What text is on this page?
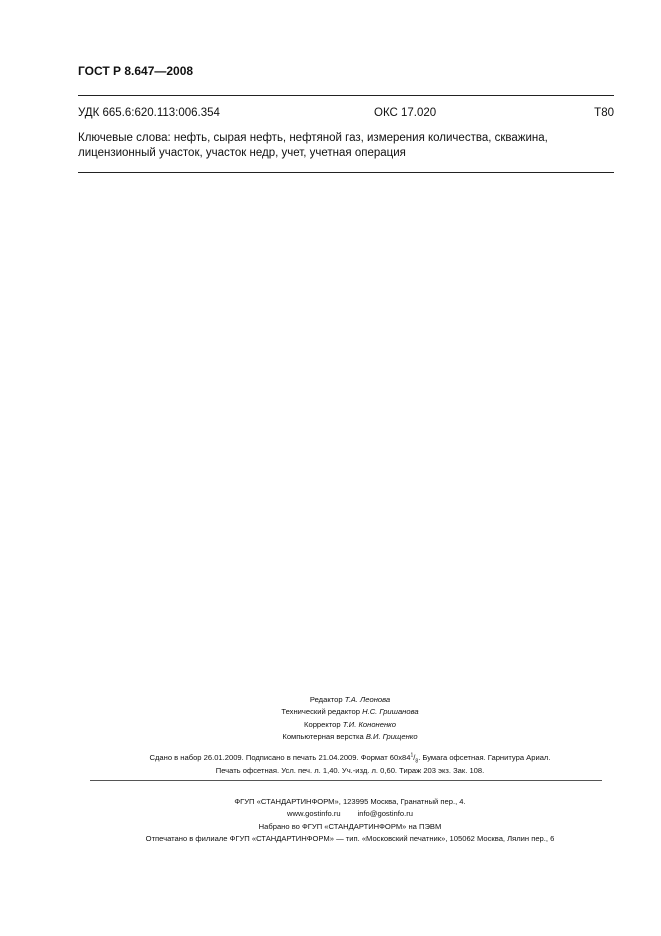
ГОСТ Р 8.647—2008
УДК 665.6:620.113:006.354	ОКС 17.020	Т80
Ключевые слова: нефть, сырая нефть, нефтяной газ, измерения количества, скважина, лицензионный участок, участок недр, учет, учетная операция
Редактор Т.А. Леонова
Технический редактор Н.С. Гришанова
Корректор Т.И. Кононенко
Компьютерная верстка В.И. Грищенко
Сдано в набор 26.01.2009. Подписано в печать 21.04.2009. Формат $60х84^1/_8$. Бумага офсетная. Гарнитура Ариал.
Печать офсетная. Усл. печ. л. 1,40. Уч.-изд. л. 0,60. Тираж 203 экз. Зак. 108.
ФГУП «СТАНДАРТИНФОРМ», 123995 Москва, Гранатный пер., 4.
www.gostinfo.ru info@gostinfo.ru
Набрано во ФГУП «СТАНДАРТИНФОРМ» на ПЭВМ
Отпечатано в филиале ФГУП «СТАНДАРТИНФОРМ» — тип. «Московский печатник», 105062 Москва, Лялин пер., 6
